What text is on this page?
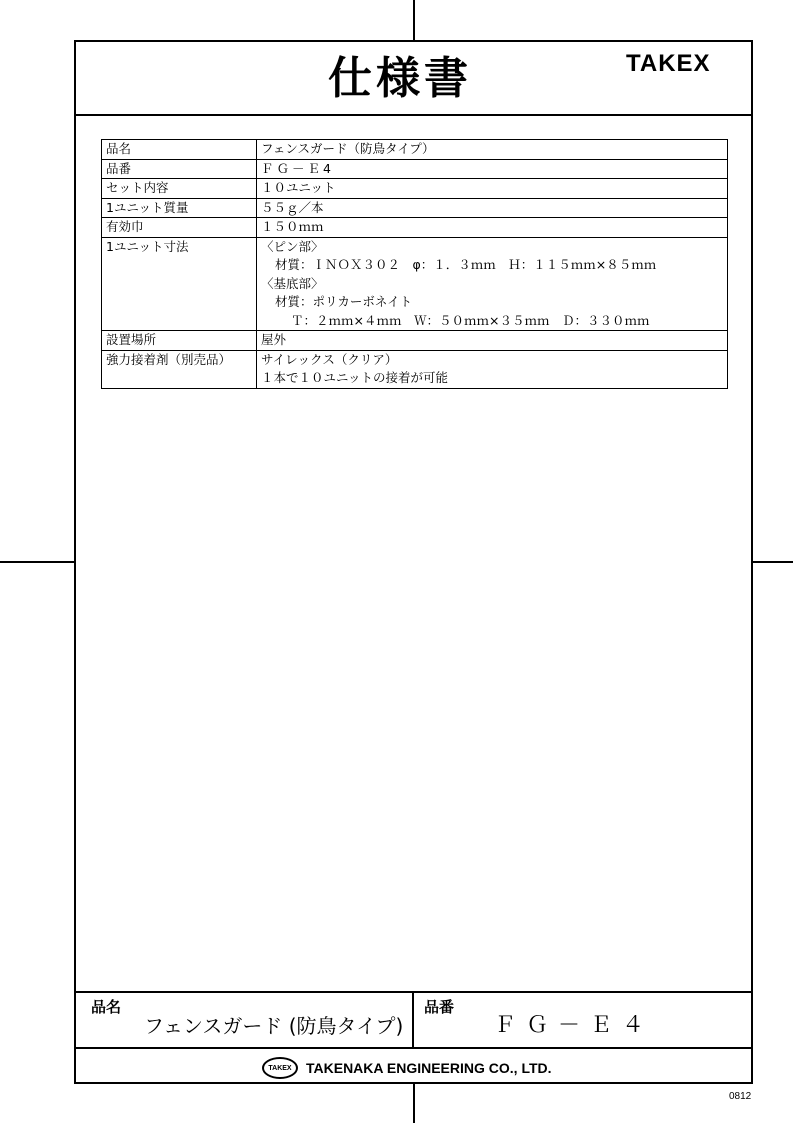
仕様書	TAKEX
品名	フェンスガード（防鳥タイプ）

品番	ＦＧ－Ｅ4

セット内容	１０ユニット

1ユニット質量	５５ｇ／本

有効巾	１５０ｍｍ

1ユニット寸法	〈ピン部〉
材質：ＩＮＯＸ３０２　φ：１．３ｍｍ　Ｈ：１１５ｍｍ×８５ｍｍ
〈基底部〉
材質：ポリカーボネイト
Ｔ：２ｍｍ×４ｍｍ　Ｗ：５０ｍｍ×３５ｍｍ　Ｄ：３３０ｍｍ

設置場所	屋外

強力接着剤（別売品）	サイレックス（クリア）
１本で１０ユニットの接着が可能
品名
フェンスガード (防鳥タイプ)
品番
ＦＧ－Ｅ４
TAKEX	TAKENAKA ENGINEERING CO., LTD.
0812
